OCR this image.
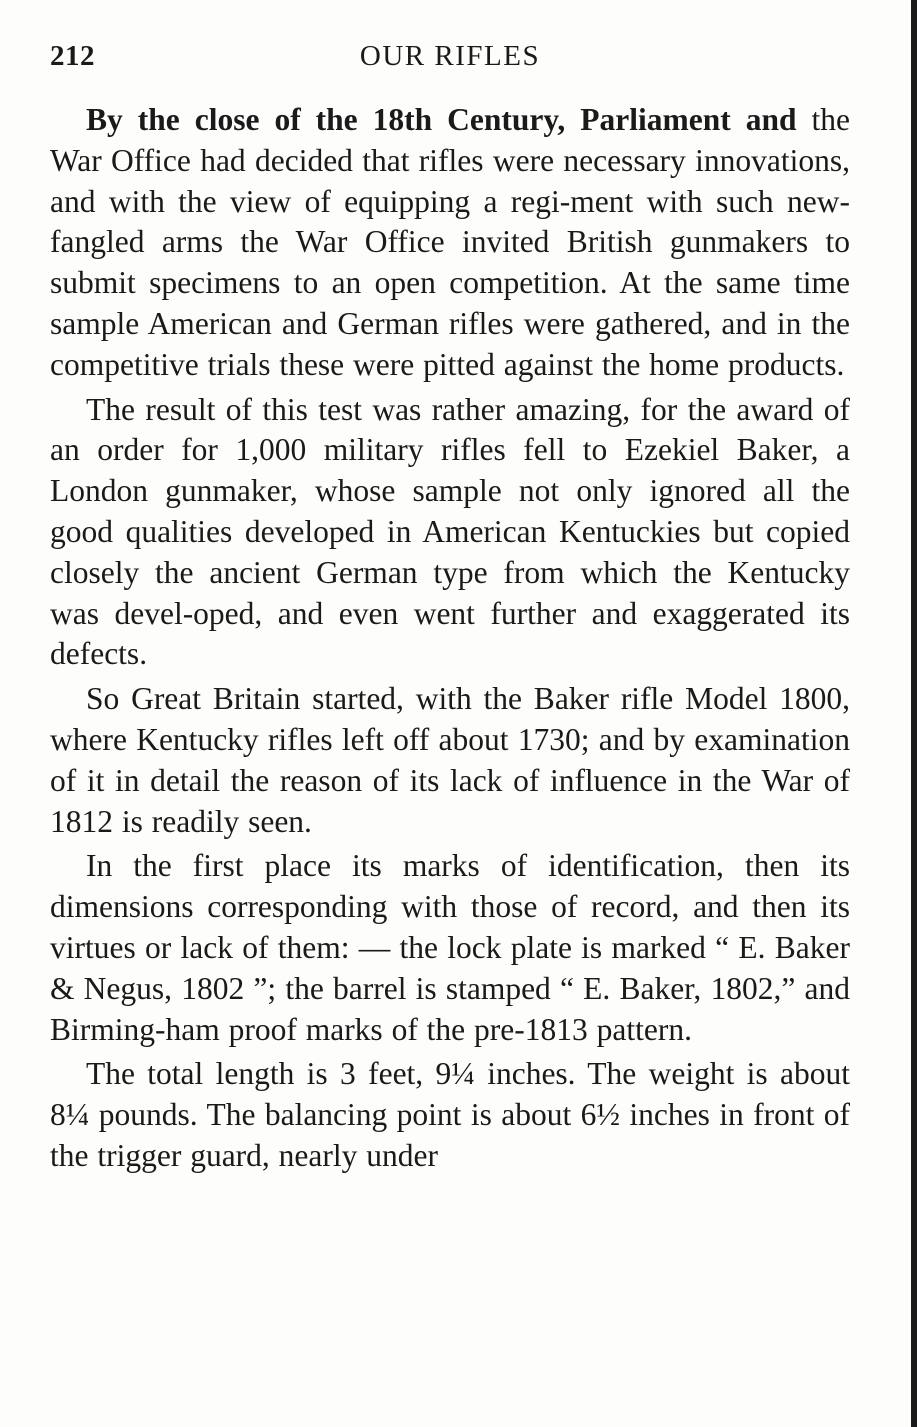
212	OUR RIFLES

By the close of the 18th Century, Parliament and the War Office had decided that rifles were necessary innovations, and with the view of equipping a regi-ment with such new-fangled arms the War Office invited British gunmakers to submit specimens to an open competition. At the same time sample American and German rifles were gathered, and in the competitive trials these were pitted against the home products.

The result of this test was rather amazing, for the award of an order for 1,000 military rifles fell to Ezekiel Baker, a London gunmaker, whose sample not only ignored all the good qualities developed in American Kentuckies but copied closely the ancient German type from which the Kentucky was devel-oped, and even went further and exaggerated its defects.

So Great Britain started, with the Baker rifle Model 1800, where Kentucky rifles left off about 1730; and by examination of it in detail the reason of its lack of influence in the War of 1812 is readily seen.

In the first place its marks of identification, then its dimensions corresponding with those of record, and then its virtues or lack of them: — the lock plate is marked “ E. Baker & Negus, 1802 ”; the barrel is stamped “ E. Baker, 1802,” and Birming-ham proof marks of the pre-1813 pattern.

The total length is 3 feet, 9¼ inches. The weight is about 8¼ pounds. The balancing point is about 6½ inches in front of the trigger guard, nearly under
